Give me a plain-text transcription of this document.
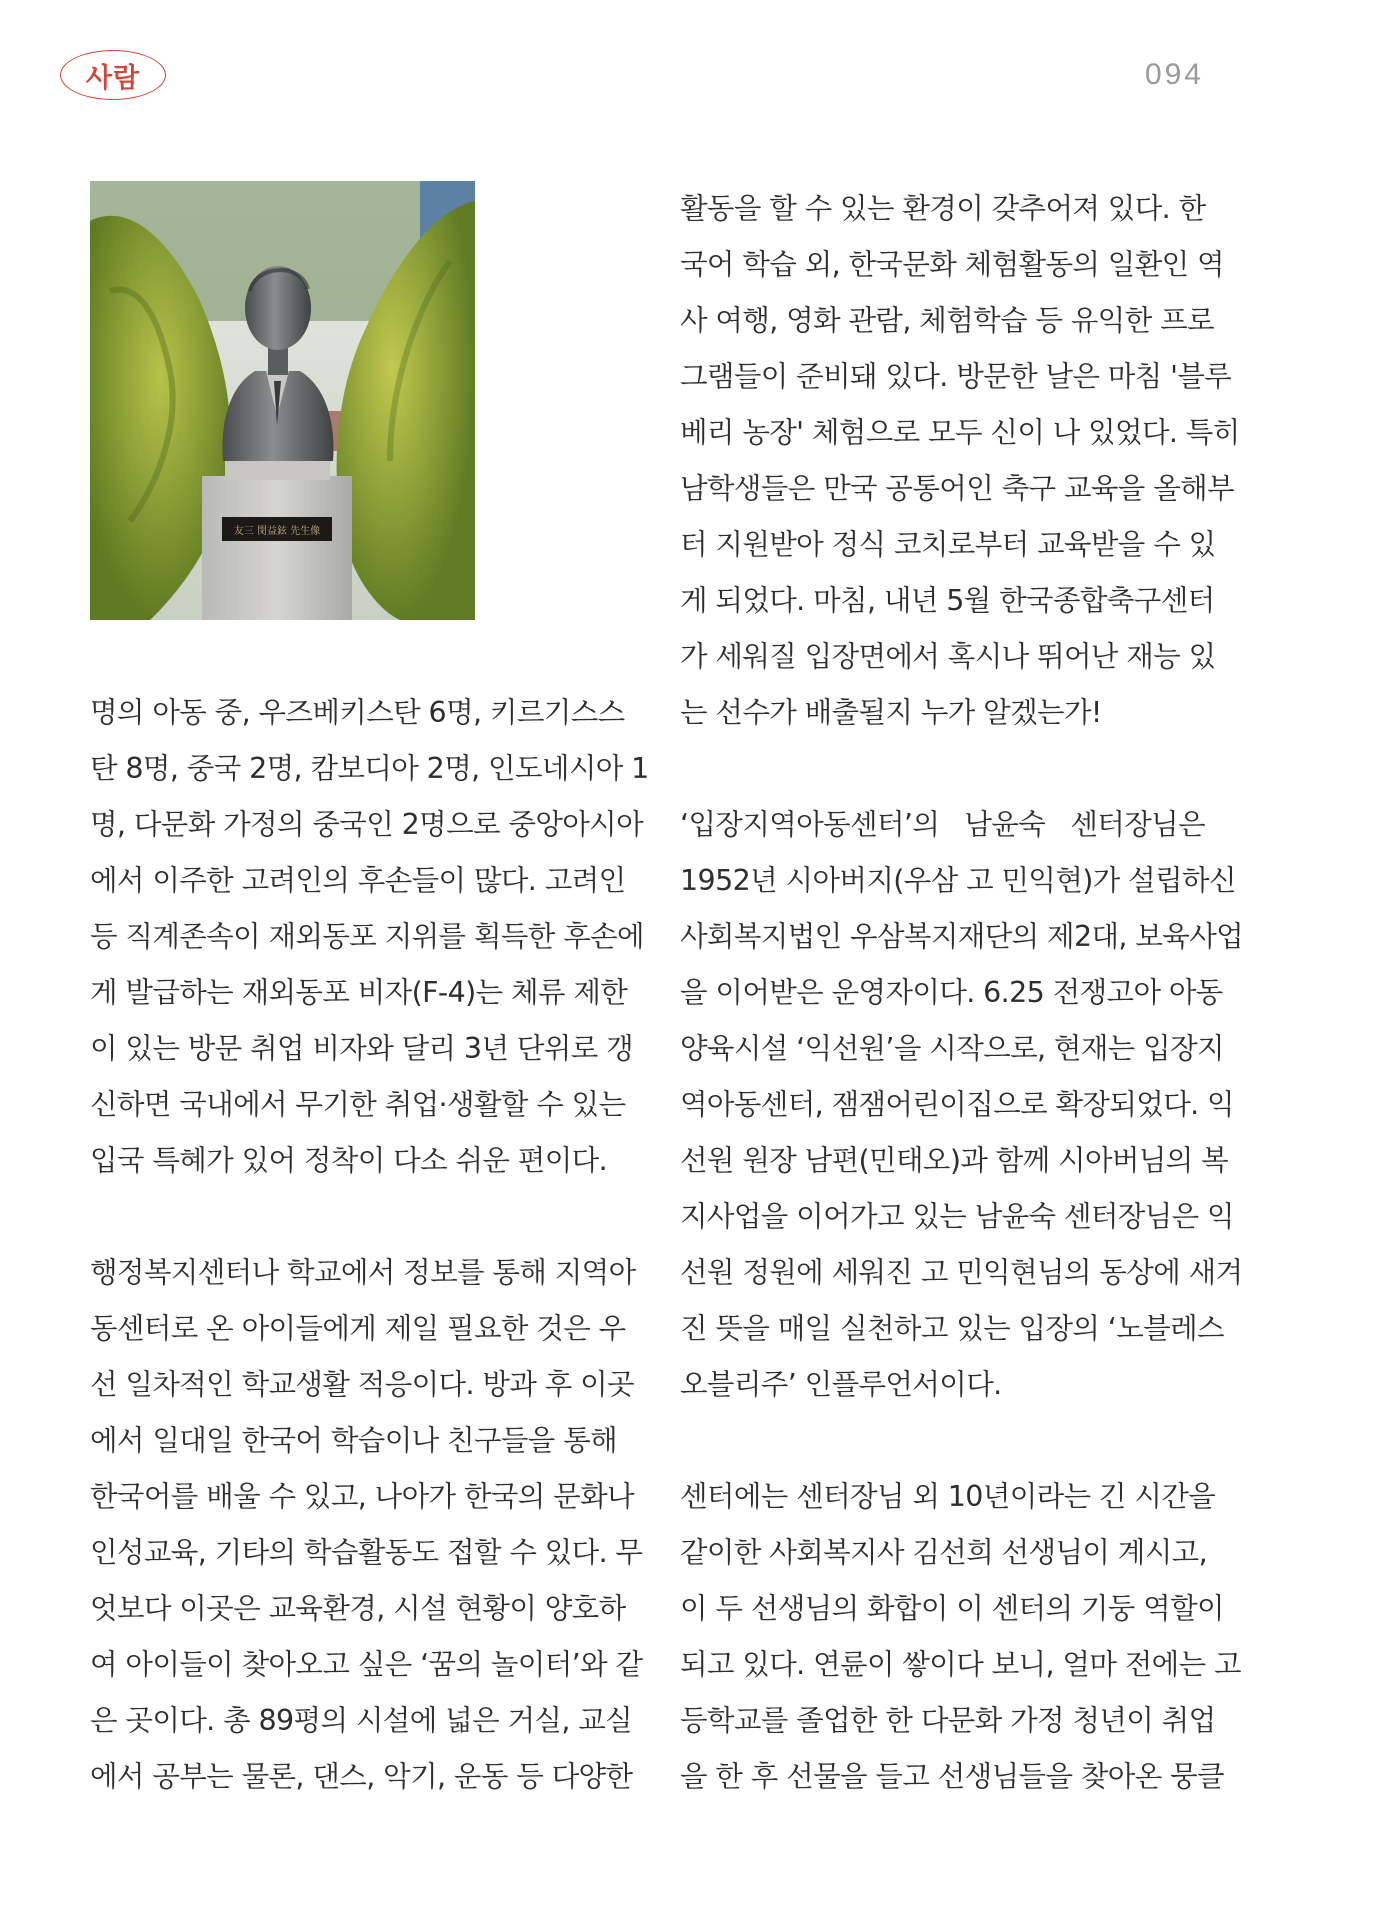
사람	094
友三 閔益鉉 先生像
명의 아동 중, 우즈베키스탄 6명, 키르기스스
탄 8명, 중국 2명, 캄보디아 2명, 인도네시아 1
명, 다문화 가정의 중국인 2명으로 중앙아시아
에서 이주한 고려인의 후손들이 많다. 고려인
등 직계존속이 재외동포 지위를 획득한 후손에
게 발급하는 재외동포 비자(F-4)는 체류 제한
이 있는 방문 취업 비자와 달리 3년 단위로 갱
신하면 국내에서 무기한 취업·생활할 수 있는
입국 특혜가 있어 정착이 다소 쉬운 편이다.
행정복지센터나 학교에서 정보를 통해 지역아
동센터로 온 아이들에게 제일 필요한 것은 우
선 일차적인 학교생활 적응이다. 방과 후 이곳
에서 일대일 한국어 학습이나 친구들을 통해
한국어를 배울 수 있고, 나아가 한국의 문화나
인성교육, 기타의 학습활동도 접할 수 있다. 무
엇보다 이곳은 교육환경, 시설 현황이 양호하
여 아이들이 찾아오고 싶은 ‘꿈의 놀이터’와 같
은 곳이다. 총 89평의 시설에 넓은 거실, 교실
에서 공부는 물론, 댄스, 악기, 운동 등 다양한
활동을 할 수 있는 환경이 갖추어져 있다. 한
국어 학습 외, 한국문화 체험활동의 일환인 역
사 여행, 영화 관람, 체험학습 등 유익한 프로
그램들이 준비돼 있다. 방문한 날은 마침 '블루
베리 농장' 체험으로 모두 신이 나 있었다. 특히
남학생들은 만국 공통어인 축구 교육을 올해부
터 지원받아 정식 코치로부터 교육받을 수 있
게 되었다. 마침, 내년 5월 한국종합축구센터
가 세워질 입장면에서 혹시나 뛰어난 재능 있
는 선수가 배출될지 누가 알겠는가!
‘입장지역아동센터’의 남윤숙 센터장님은
1952년 시아버지(우삼 고 민익현)가 설립하신
사회복지법인 우삼복지재단의 제2대, 보육사업
을 이어받은 운영자이다. 6.25 전쟁고아 아동
양육시설 ‘익선원’을 시작으로, 현재는 입장지
역아동센터, 잼잼어린이집으로 확장되었다. 익
선원 원장 남편(민태오)과 함께 시아버님의 복
지사업을 이어가고 있는 남윤숙 센터장님은 익
선원 정원에 세워진 고 민익현님의 동상에 새겨
진 뜻을 매일 실천하고 있는 입장의 ‘노블레스
오블리주’ 인플루언서이다.
센터에는 센터장님 외 10년이라는 긴 시간을
같이한 사회복지사 김선희 선생님이 계시고,
이 두 선생님의 화합이 이 센터의 기둥 역할이
되고 있다. 연륜이 쌓이다 보니, 얼마 전에는 고
등학교를 졸업한 한 다문화 가정 청년이 취업
을 한 후 선물을 들고 선생님들을 찾아온 뭉클
